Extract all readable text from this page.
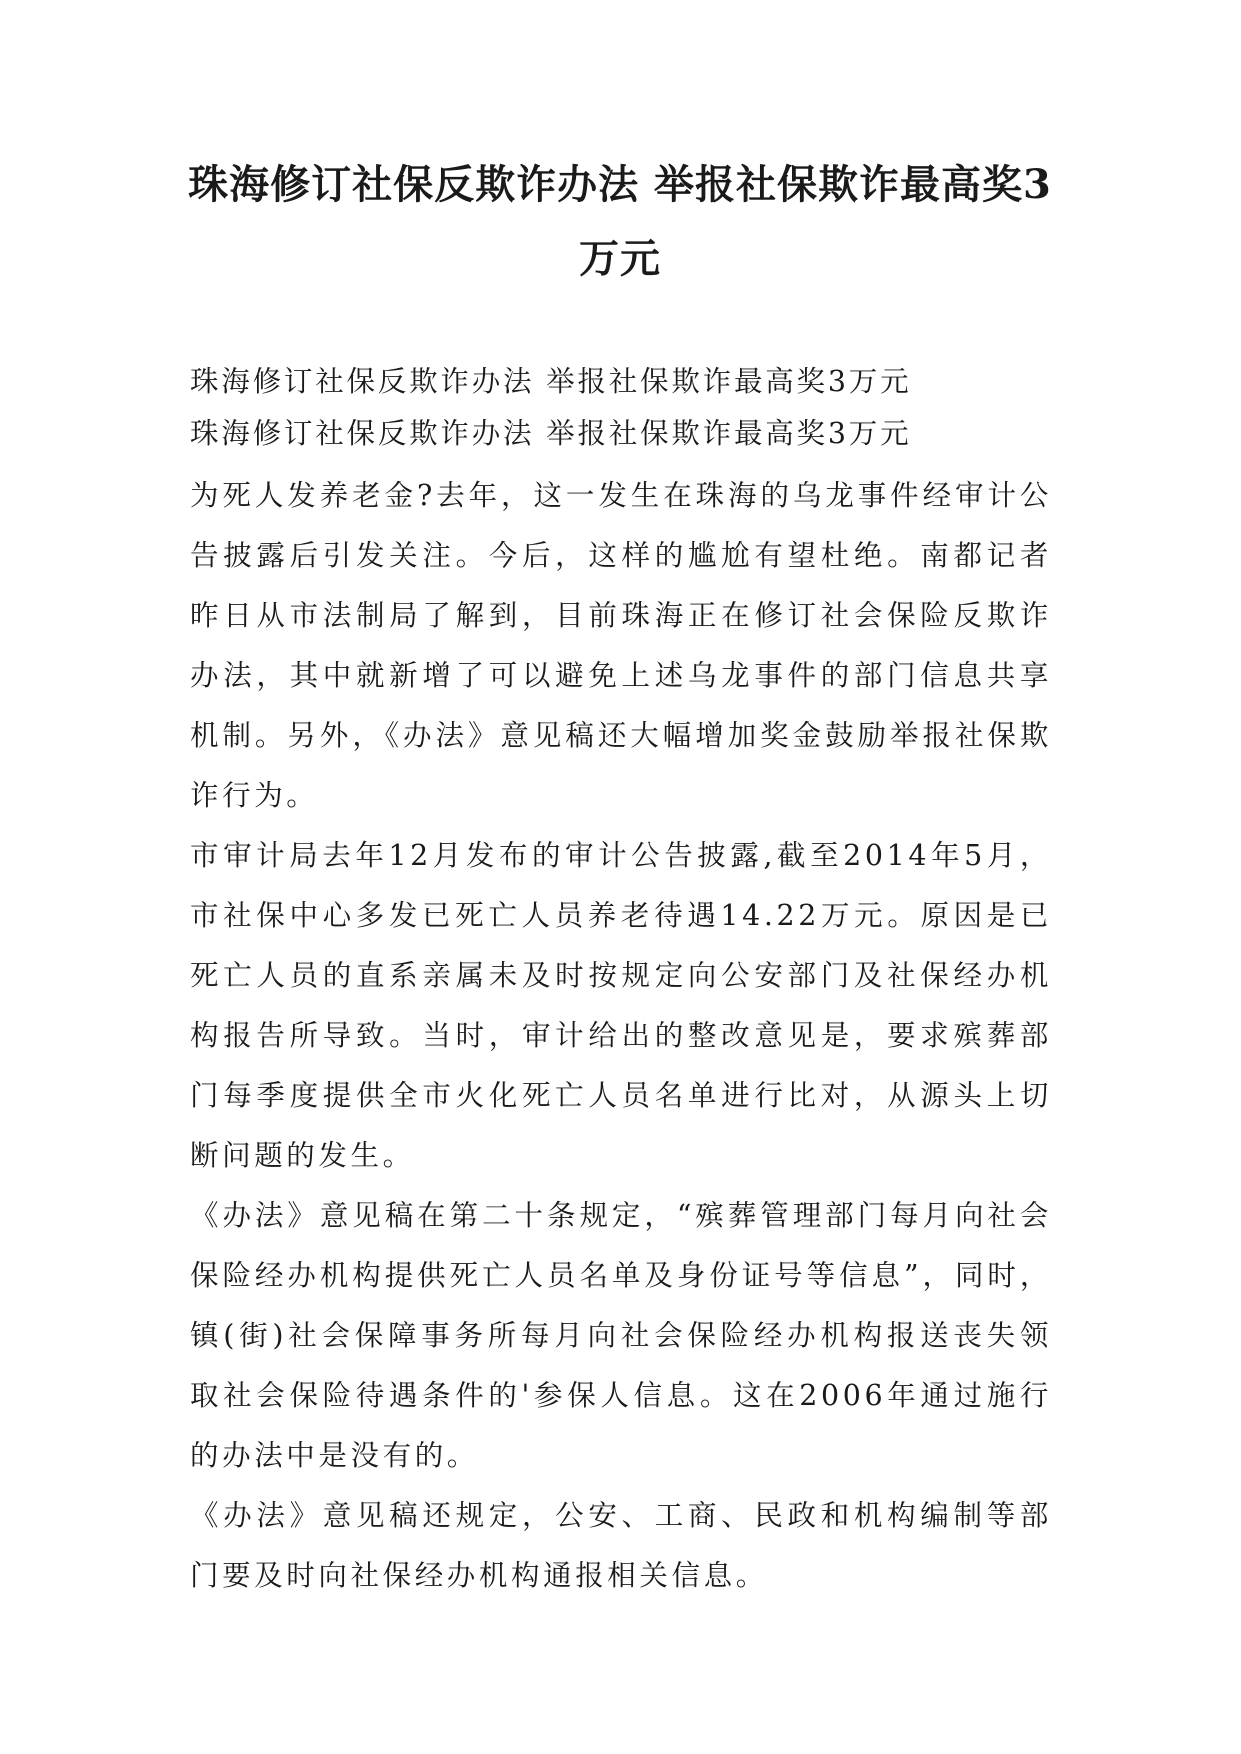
珠海修订社保反欺诈办法 举报社保欺诈最高奖3万元

珠海修订社保反欺诈办法 举报社保欺诈最高奖3万元

珠海修订社保反欺诈办法 举报社保欺诈最高奖3万元

为死人发养老金?去年，这一发生在珠海的乌龙事件经审计公告披露后引发关注。今后，这样的尴尬有望杜绝。南都记者昨日从市法制局了解到，目前珠海正在修订社会保险反欺诈办法，其中就新增了可以避免上述乌龙事件的部门信息共享机制。另外，《办法》意见稿还大幅增加奖金鼓励举报社保欺诈行为。

市审计局去年12月发布的审计公告披露,截至2014年5月，市社保中心多发已死亡人员养老待遇14.22万元。原因是已死亡人员的直系亲属未及时按规定向公安部门及社保经办机构报告所导致。当时，审计给出的整改意见是，要求殡葬部门每季度提供全市火化死亡人员名单进行比对，从源头上切断问题的发生。

《办法》意见稿在第二十条规定，“殡葬管理部门每月向社会保险经办机构提供死亡人员名单及身份证号等信息”，同时，镇(街)社会保障事务所每月向社会保险经办机构报送丧失领取社会保险待遇条件的'参保人信息。这在2006年通过施行的办法中是没有的。

《办法》意见稿还规定，公安、工商、民政和机构编制等部门要及时向社保经办机构通报相关信息。
